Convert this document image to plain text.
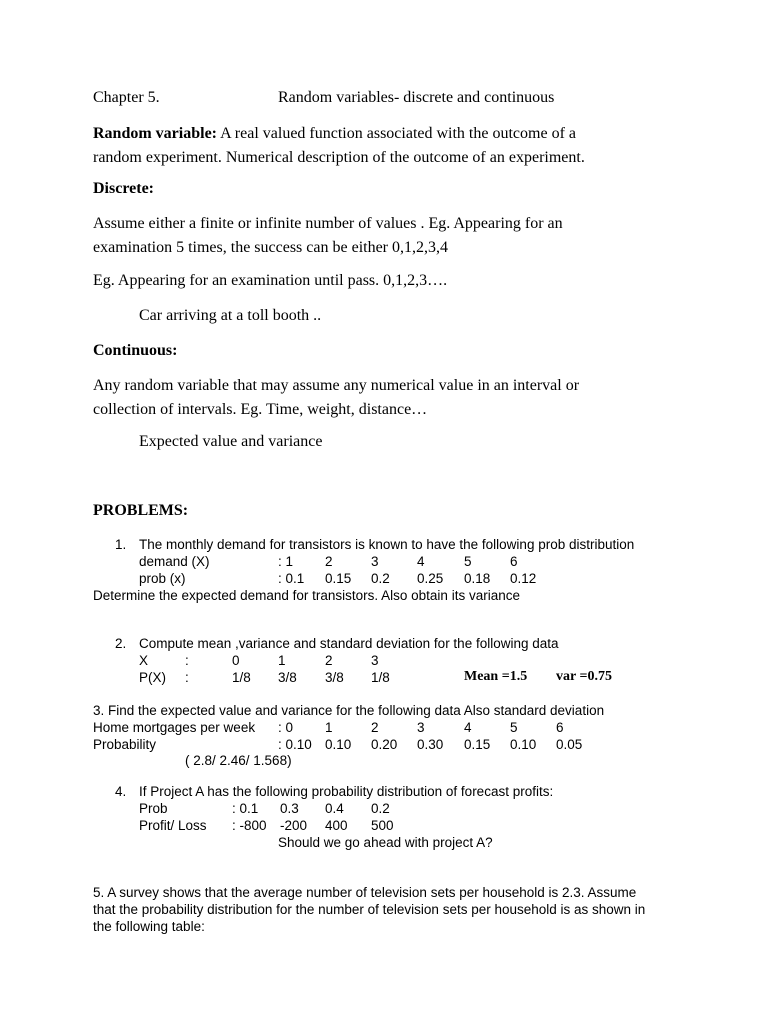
Chapter 5.	Random variables- discrete and continuous
Random variable: A real valued function associated with the outcome of a
random experiment. Numerical description of the outcome of an experiment.
Discrete:
Assume either a finite or infinite number of values . Eg. Appearing for an
examination 5 times, the success can be either 0,1,2,3,4
Eg. Appearing for an examination until pass. 0,1,2,3….
Car arriving at a toll booth ..
Continuous:
Any random variable that may assume any numerical value in an interval or
collection of intervals. Eg. Time, weight, distance…
Expected value and variance
PROBLEMS:
1. The monthly demand for transistors is known to have the following prob distribution
demand (X)	: 1 2	3	4	5	6
prob (x)	: 0.1 0.15 0.2 0.25 0.18 0.12
Determine the expected demand for transistors. Also obtain its variance
2. Compute mean ,variance and standard deviation for the following data
X	:	0	1	2	3
P(X) :	1/8 3/8 3/8 1/8	Mean =1.5 var =0.75
3. Find the expected value and variance for the following data Also standard deviation
Home mortgages per week : 0 1	2	3	4	5	6
Probability	: 0.10 0.10 0.20 0.30 0.15 0.10 0.05
( 2.8/ 2.46/ 1.568)
4. If Project A has the following probability distribution of forecast profits:
Prob	: 0.1 0.3 0.4 0.2
Profit/ Loss : -800 -200 400 500
Should we go ahead with project A?
5. A survey shows that the average number of television sets per household is 2.3. Assume
that the probability distribution for the number of television sets per household is as shown in
the following table:
